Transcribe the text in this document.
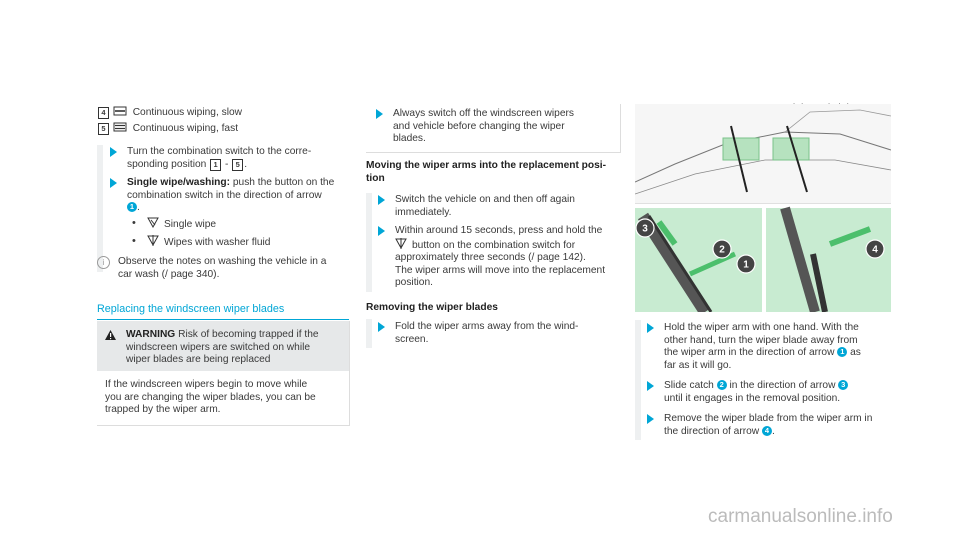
4	Continuous wiping, slow
5	Continuous wiping, fast
Turn the combination switch to the corre-
sponding position 1 - 5 .
Single wipe/washing: push the button on the
combination switch in the direction of arrow
1 .
• Single wipe
• Wipes with washer fluid
i	Observe the notes on washing the vehicle in a
car wash (/ page 340).
Replacing the windscreen wiper blades
WARNING Risk of becoming trapped if the
windscreen wipers are switched on while
wiper blades are being replaced
If the windscreen wipers begin to move while
you are changing the wiper blades, you can be
trapped by the wiper arm.
Always switch off the windscreen wipers
and vehicle before changing the wiper
blades.
Moving the wiper arms into the replacement posi-
tion
Switch the vehicle on and then off again
immediately.
Within around 15 seconds, press and hold the
button on the combination switch for
approximately three seconds (/ page 142).
The wiper arms will move into the replacement
position.
Removing the wiper blades
Fold the wiper arms away from the wind-
screen.
3
2
1
4
Hold the wiper arm with one hand. With the
other hand, turn the wiper blade away from
the wiper arm in the direction of arrow 1 as
far as it will go.
Slide catch 2 in the direction of arrow 3
until it engages in the removal position.
Remove the wiper blade from the wiper arm in
the direction of arrow 4 .
carmanualsonline.info
